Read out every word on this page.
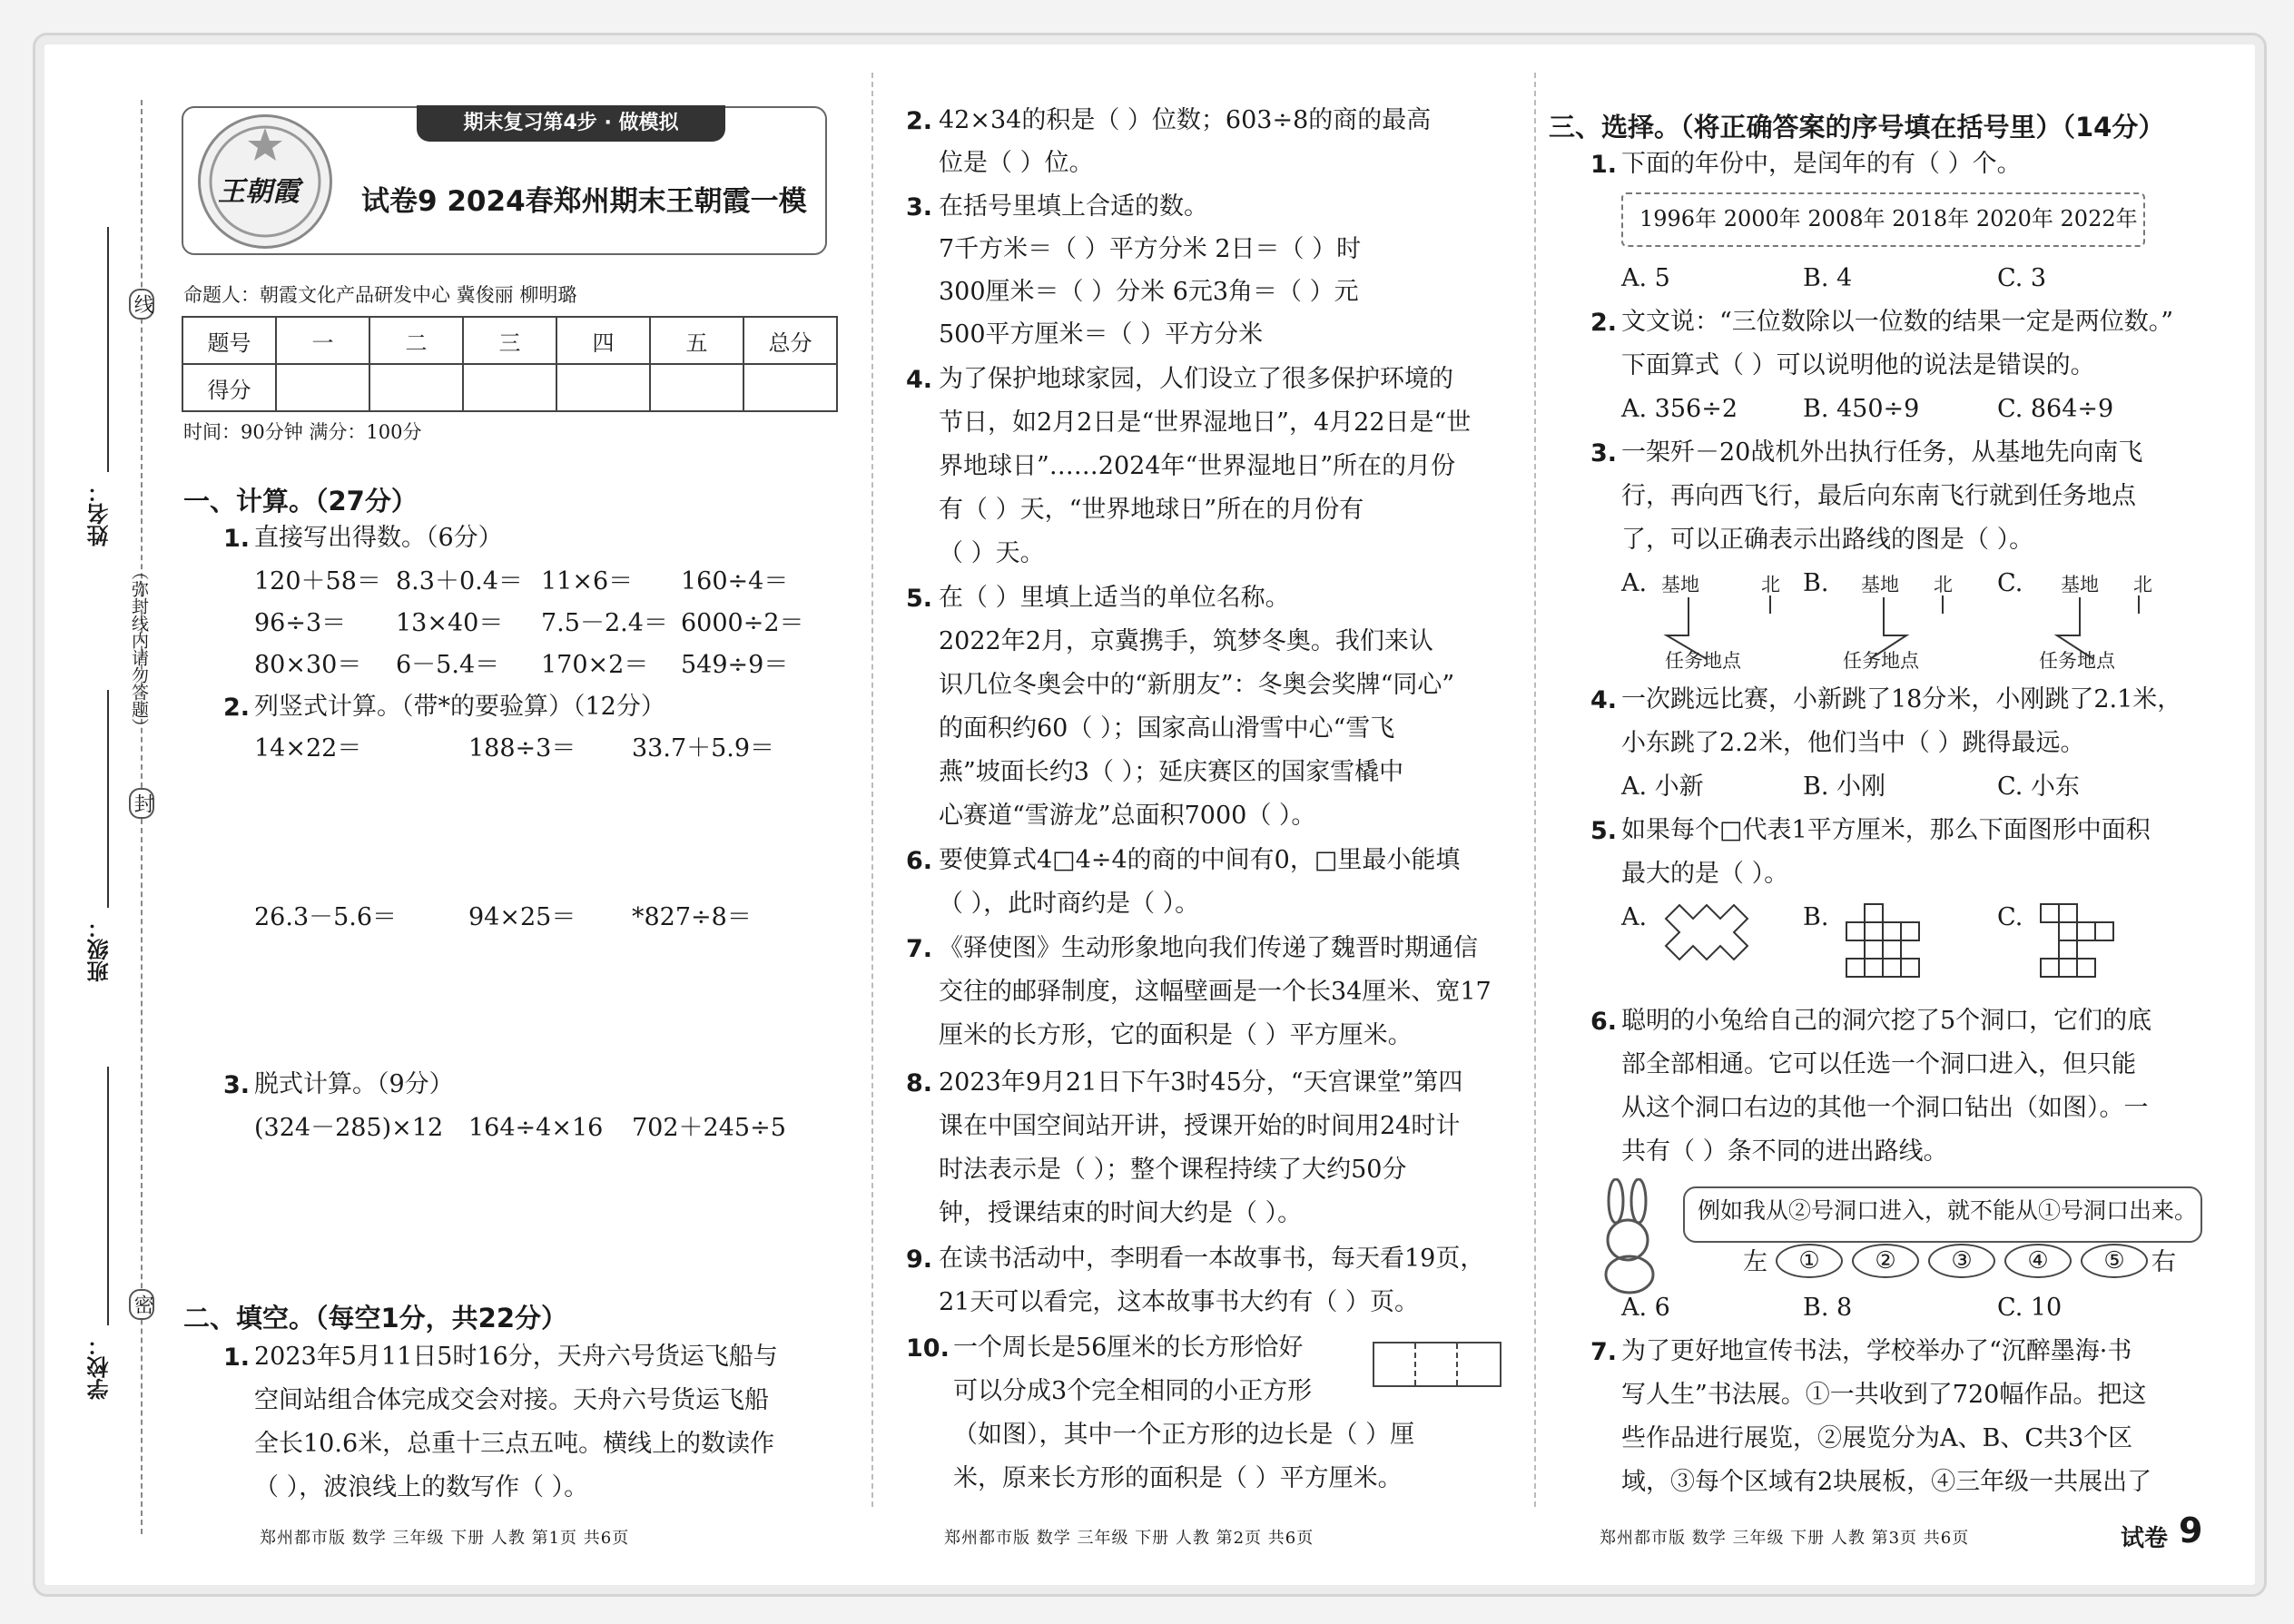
线
封
密
（弥封线内请勿答题）
姓名：
班级：
学校：
王朝霞
期末复习第4步 · 做模拟
试卷9 2024春郑州期末王朝霞一模
命题人：朝霞文化产品研发中心 冀俊丽 柳明璐
题号	一	二	三	四	五	总分
得分						
时间：90分钟 满分：100分
一、计算。（27分）
1. 直接写出得数。（6分）
120＋58＝ 8.3＋0.4＝ 11×6＝ 160÷4＝
96÷3＝ 13×40＝ 7.5－2.4＝ 6000÷2＝
80×30＝ 6－5.4＝ 170×2＝ 549÷9＝
2. 列竖式计算。（带*的要验算）（12分）
14×22＝	188÷3＝ 33.7＋5.9＝
26.3－5.6＝	94×25＝ *827÷8＝
3. 脱式计算。（9分）
(324－285)×12 164÷4×16 702＋245÷5
二、填空。（每空1分，共22分）
1. 2023年5月11日5时16分，天舟六号货运飞船与
空间站组合体完成交会对接。天舟六号货运飞船
全长10.6米，总重十三点五吨。横线上的数读作
（ ），波浪线上的数写作（ ）。
郑州都市版 数学 三年级 下册 人教 第1页 共6页
2. 42×34的积是（ ）位数；603÷8的商的最高
位是（ ）位。
3. 在括号里填上合适的数。
7千方米＝（ ）平方分米 2日＝（ ）时
300厘米＝（ ）分米 6元3角＝（ ）元
500平方厘米＝（ ）平方分米
4. 为了保护地球家园，人们设立了很多保护环境的
节日，如2月2日是“世界湿地日”，4月22日是“世
界地球日”……2024年“世界湿地日”所在的月份
有（ ）天，“世界地球日”所在的月份有
（ ）天。
5. 在（ ）里填上适当的单位名称。
2022年2月，京冀携手，筑梦冬奥。我们来认
识几位冬奥会中的“新朋友”：冬奥会奖牌“同心”
的面积约60（ ）；国家高山滑雪中心“雪飞
燕”坡面长约3（ ）；延庆赛区的国家雪橇中
心赛道“雪游龙”总面积7000（ ）。
6. 要使算式4□4÷4的商的中间有0，□里最小能填
（ ），此时商约是（ ）。
7. 《驿使图》生动形象地向我们传递了魏晋时期通信
交往的邮驿制度，这幅壁画是一个长34厘米、宽17
厘米的长方形，它的面积是（ ）平方厘米。
8. 2023年9月21日下午3时45分，“天宫课堂”第四
课在中国空间站开讲，授课开始的时间用24时计
时法表示是（ ）；整个课程持续了大约50分
钟，授课结束的时间大约是（ ）。
9. 在读书活动中，李明看一本故事书，每天看19页，
21天可以看完，这本故事书大约有（ ）页。
10. 一个周长是56厘米的长方形恰好
可以分成3个完全相同的小正方形
（如图），其中一个正方形的边长是（ ）厘
米，原来长方形的面积是（ ）平方厘米。
郑州都市版 数学 三年级 下册 人教 第2页 共6页
三、选择。（将正确答案的序号填在括号里）（14分）
1. 下面的年份中，是闰年的有（ ）个。
1996年 2000年 2008年 2018年 2020年 2022年
A. 5	B. 4	C. 3
2. 文文说：“三位数除以一位数的结果一定是两位数。”
下面算式（ ）可以说明他的说法是错误的。
A. 356÷2	B. 450÷9	C. 864÷9
3. 一架歼－20战机外出执行任务，从基地先向南飞
行，再向西飞行，最后向东南飞行就到任务地点
了，可以正确表示出路线的图是（ ）。
A. 基地	北
任务地点
B. 基地 北
任务地点
C. 基地 北
任务地点
4. 一次跳远比赛，小新跳了18分米，小刚跳了2.1米，
小东跳了2.2米，他们当中（ ）跳得最远。
A. 小新	B. 小刚	C. 小东
5. 如果每个□代表1平方厘米，那么下面图形中面积
最大的是（ ）。
A.	B.	C.
6. 聪明的小兔给自己的洞穴挖了5个洞口，它们的底
部全部相通。它可以任选一个洞口进入，但只能
从这个洞口右边的其他一个洞口钻出（如图）。一
共有（ ）条不同的进出路线。
例如我从②号洞口进入，就不能从①号洞口出来。
左	① ② ③ ④ ⑤	右
A. 6	B. 8	C. 10
7. 为了更好地宣传书法，学校举办了“沉醉墨海·书
写人生”书法展。①一共收到了720幅作品。把这
些作品进行展览，②展览分为A、B、C共3个区
域，③每个区域有2块展板，④三年级一共展出了
郑州都市版 数学 三年级 下册 人教 第3页 共6页	试卷 9
